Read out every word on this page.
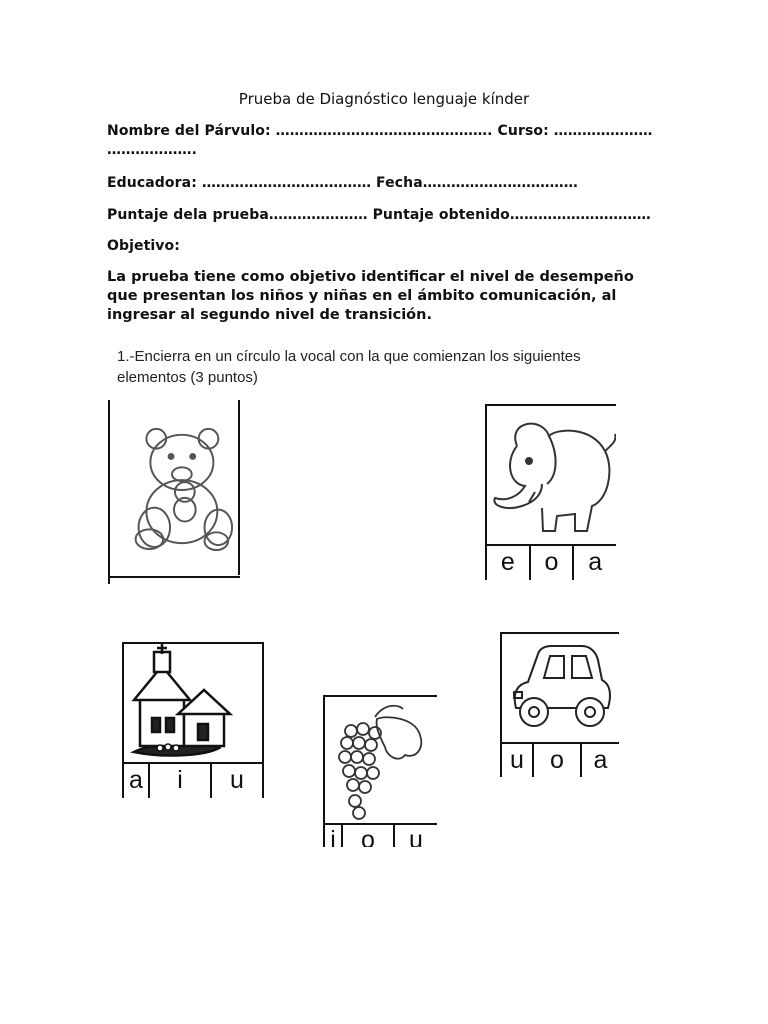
Prueba de Diagnóstico lenguaje kínder
Nombre del Párvulo: ………………………………………. Curso: …………………
……………….
Educadora: ……………………………… Fecha……………………………
Puntaje dela prueba………………… Puntaje obtenido…………………………
Objetivo:
La prueba tiene como objetivo identificar el nivel de desempeño que presentan los niños y niñas en el ámbito comunicación, al ingresar al segundo nivel de transición.
1.-Encierra en un círculo la vocal con la que comienzan los siguientes elementos (3 puntos)
e	o	a
a	i	u
i	o	u
u	o	a
